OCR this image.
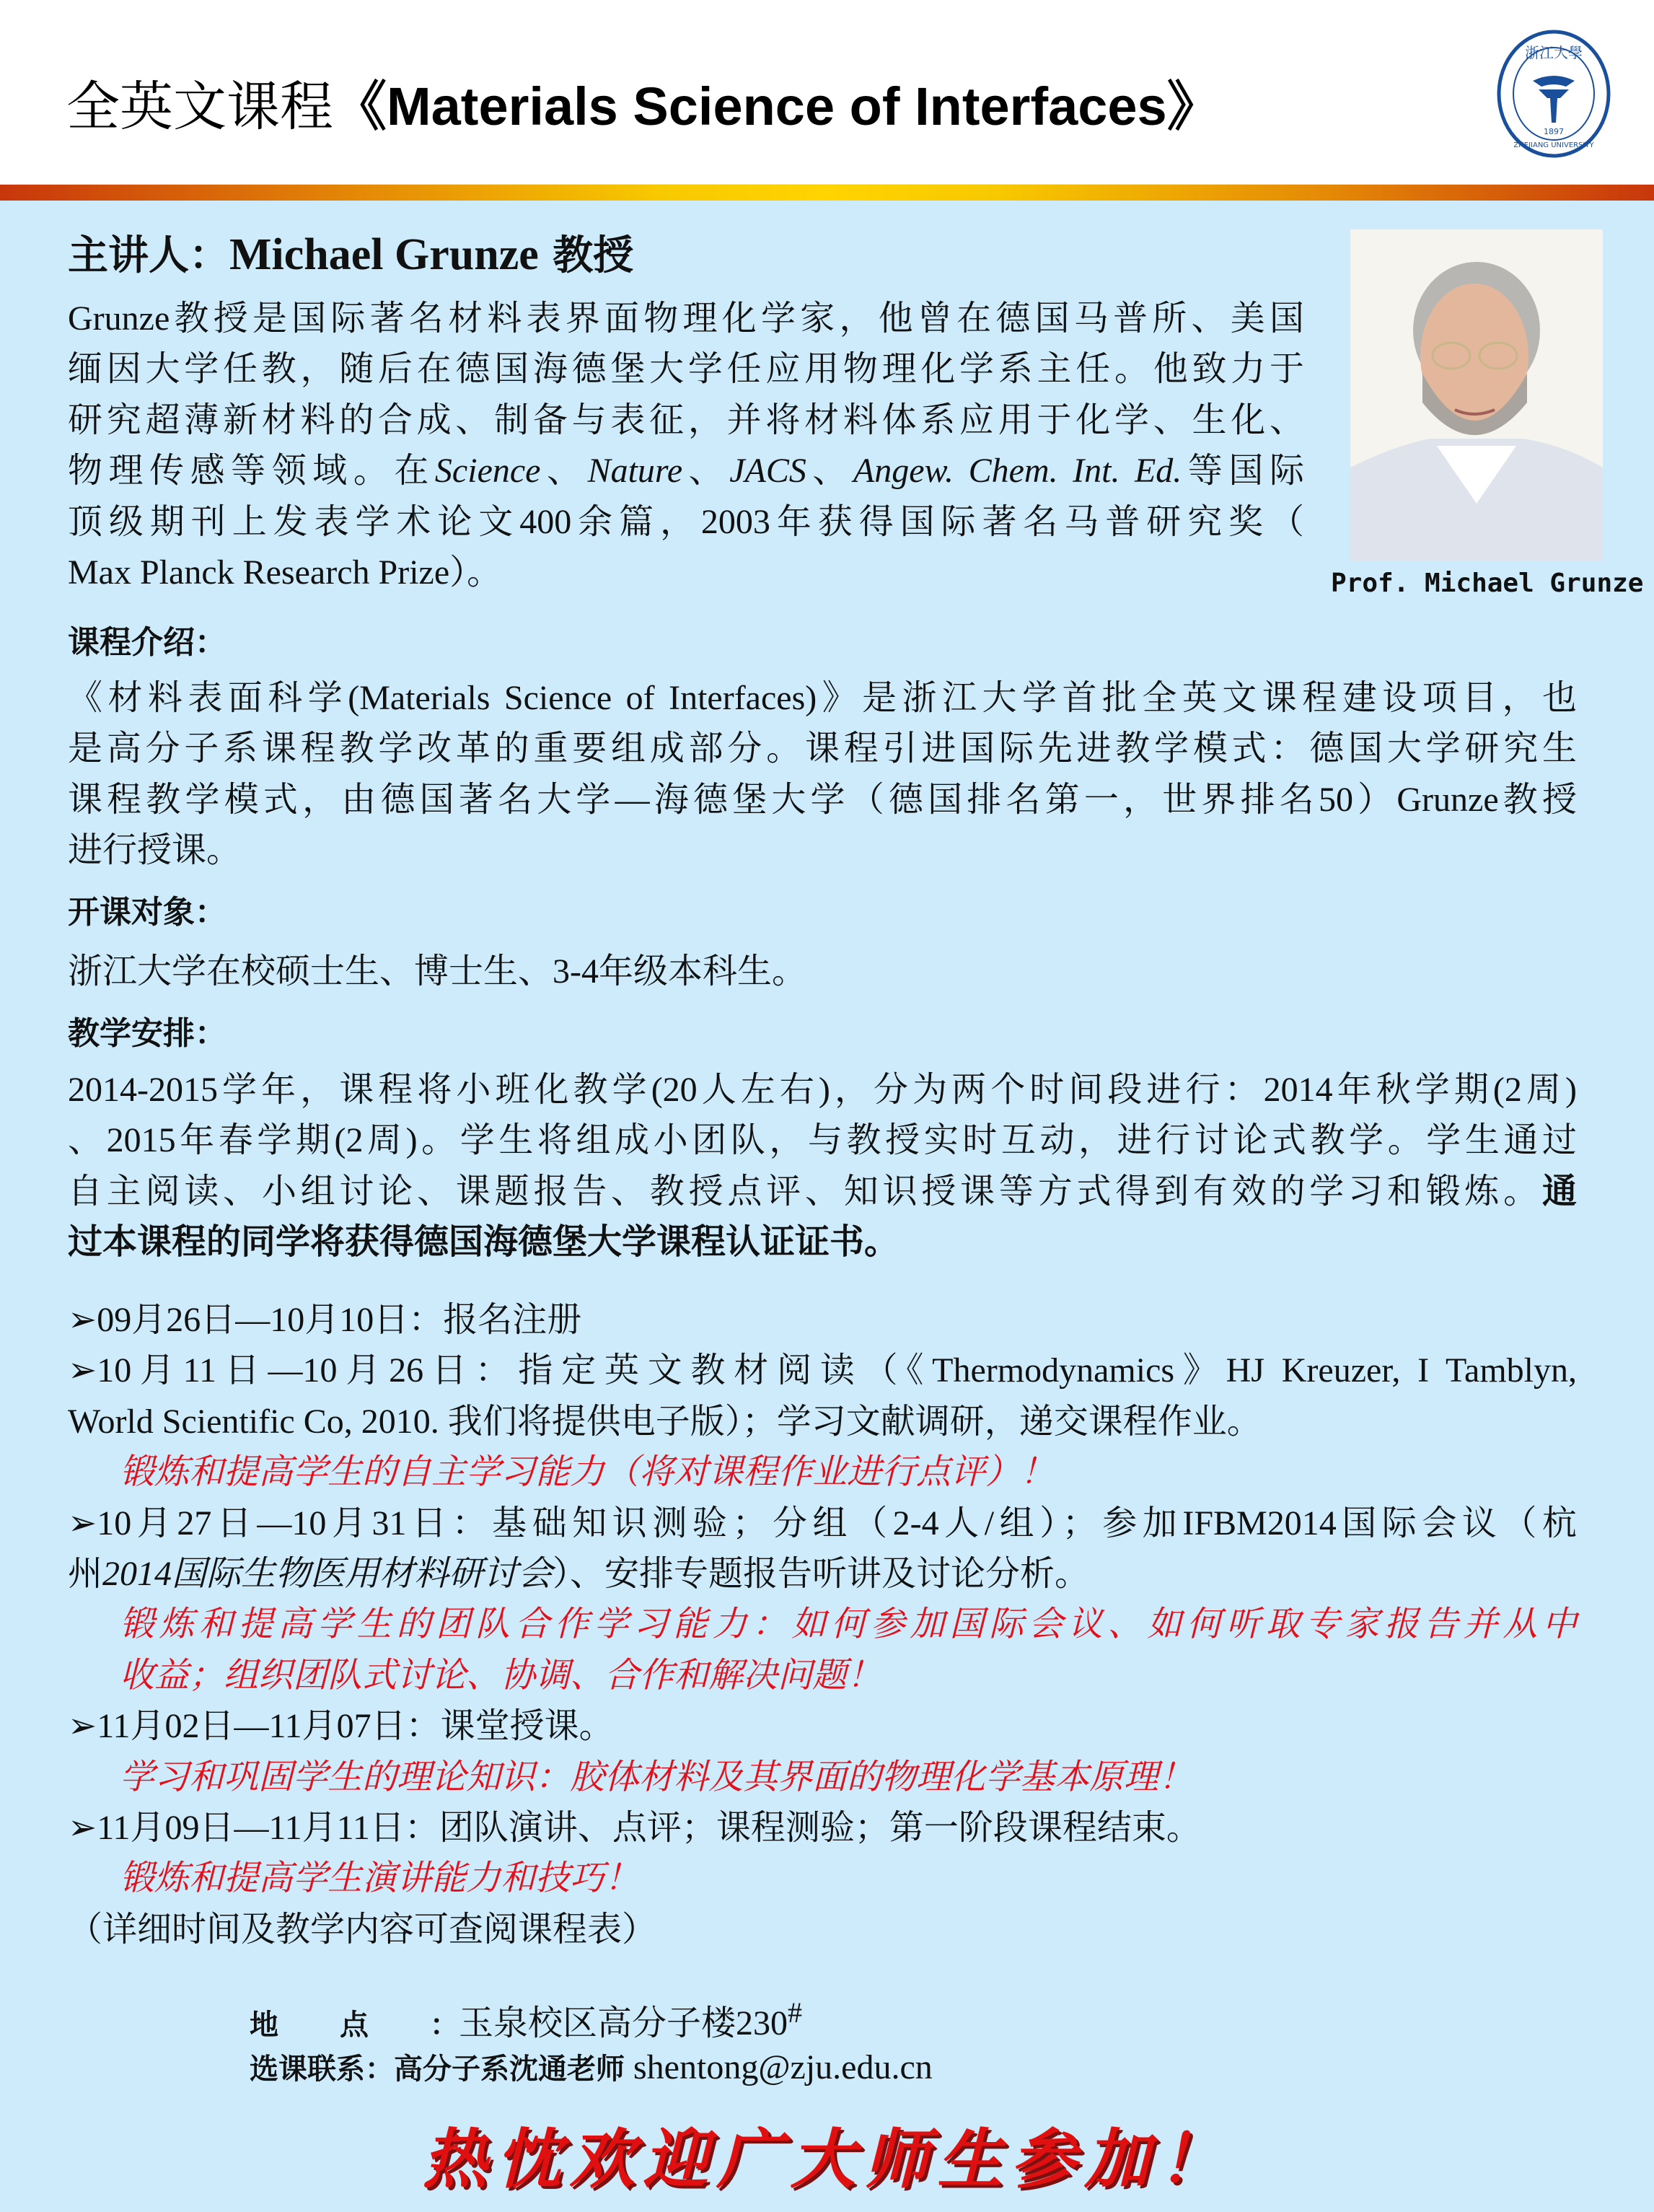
全英文课程《Materials Science of Interfaces》
浙江大學
1897
ZHEJIANG UNIVERSITY
Prof. Michael Grunze
主讲人：Michael Grunze 教授
Grunze教授是国际著名材料表界面物理化学家，他曾在德国马普所、美国
缅因大学任教，随后在德国海德堡大学任应用物理化学系主任。他致力于
研究超薄新材料的合成、制备与表征，并将材料体系应用于化学、生化、
物理传感等领域。在Science、Nature、JACS、Angew. Chem. Int. Ed.等国际
顶级期刊上发表学术论文400余篇，2003年获得国际著名马普研究奖（
Max Planck Research Prize）。
课程介绍：
《材料表面科学(Materials Science of Interfaces)》是浙江大学首批全英文课程建设项目，也
是高分子系课程教学改革的重要组成部分。课程引进国际先进教学模式：德国大学研究生
课程教学模式，由德国著名大学—海德堡大学（德国排名第一，世界排名50）Grunze教授
进行授课。
开课对象：
浙江大学在校硕士生、博士生、3-4年级本科生。
教学安排：
2014-2015学年，课程将小班化教学(20人左右)，分为两个时间段进行：2014年秋学期(2周)
、2015年春学期(2周)。学生将组成小团队，与教授实时互动，进行讨论式教学。学生通过
自主阅读、小组讨论、课题报告、教授点评、知识授课等方式得到有效的学习和锻炼。通
过本课程的同学将获得德国海德堡大学课程认证证书。
➢09月26日—10月10日：报名注册
➢10月11日—10月26日：指定英文教材阅读（《Thermodynamics》HJ Kreuzer, I Tamblyn,
World Scientific Co, 2010. 我们将提供电子版）；学习文献调研，递交课程作业。
锻炼和提高学生的自主学习能力（将对课程作业进行点评）！
➢10月27日—10月31日：基础知识测验；分组（2-4人/组）；参加IFBM2014国际会议（杭
州2014国际生物医用材料研讨会）、安排专题报告听讲及讨论分析。
锻炼和提高学生的团队合作学习能力：如何参加国际会议、如何听取专家报告并从中
收益；组织团队式讨论、协调、合作和解决问题！
➢11月02日—11月07日：课堂授课。
学习和巩固学生的理论知识：胶体材料及其界面的物理化学基本原理！
➢11月09日—11月11日：团队演讲、点评；课程测验；第一阶段课程结束。
锻炼和提高学生演讲能力和技巧！
（详细时间及教学内容可查阅课程表）
地点：玉泉校区高分子楼230#
选课联系：高分子系沈通老师 shentong@zju.edu.cn
热忱欢迎广大师生参加！
